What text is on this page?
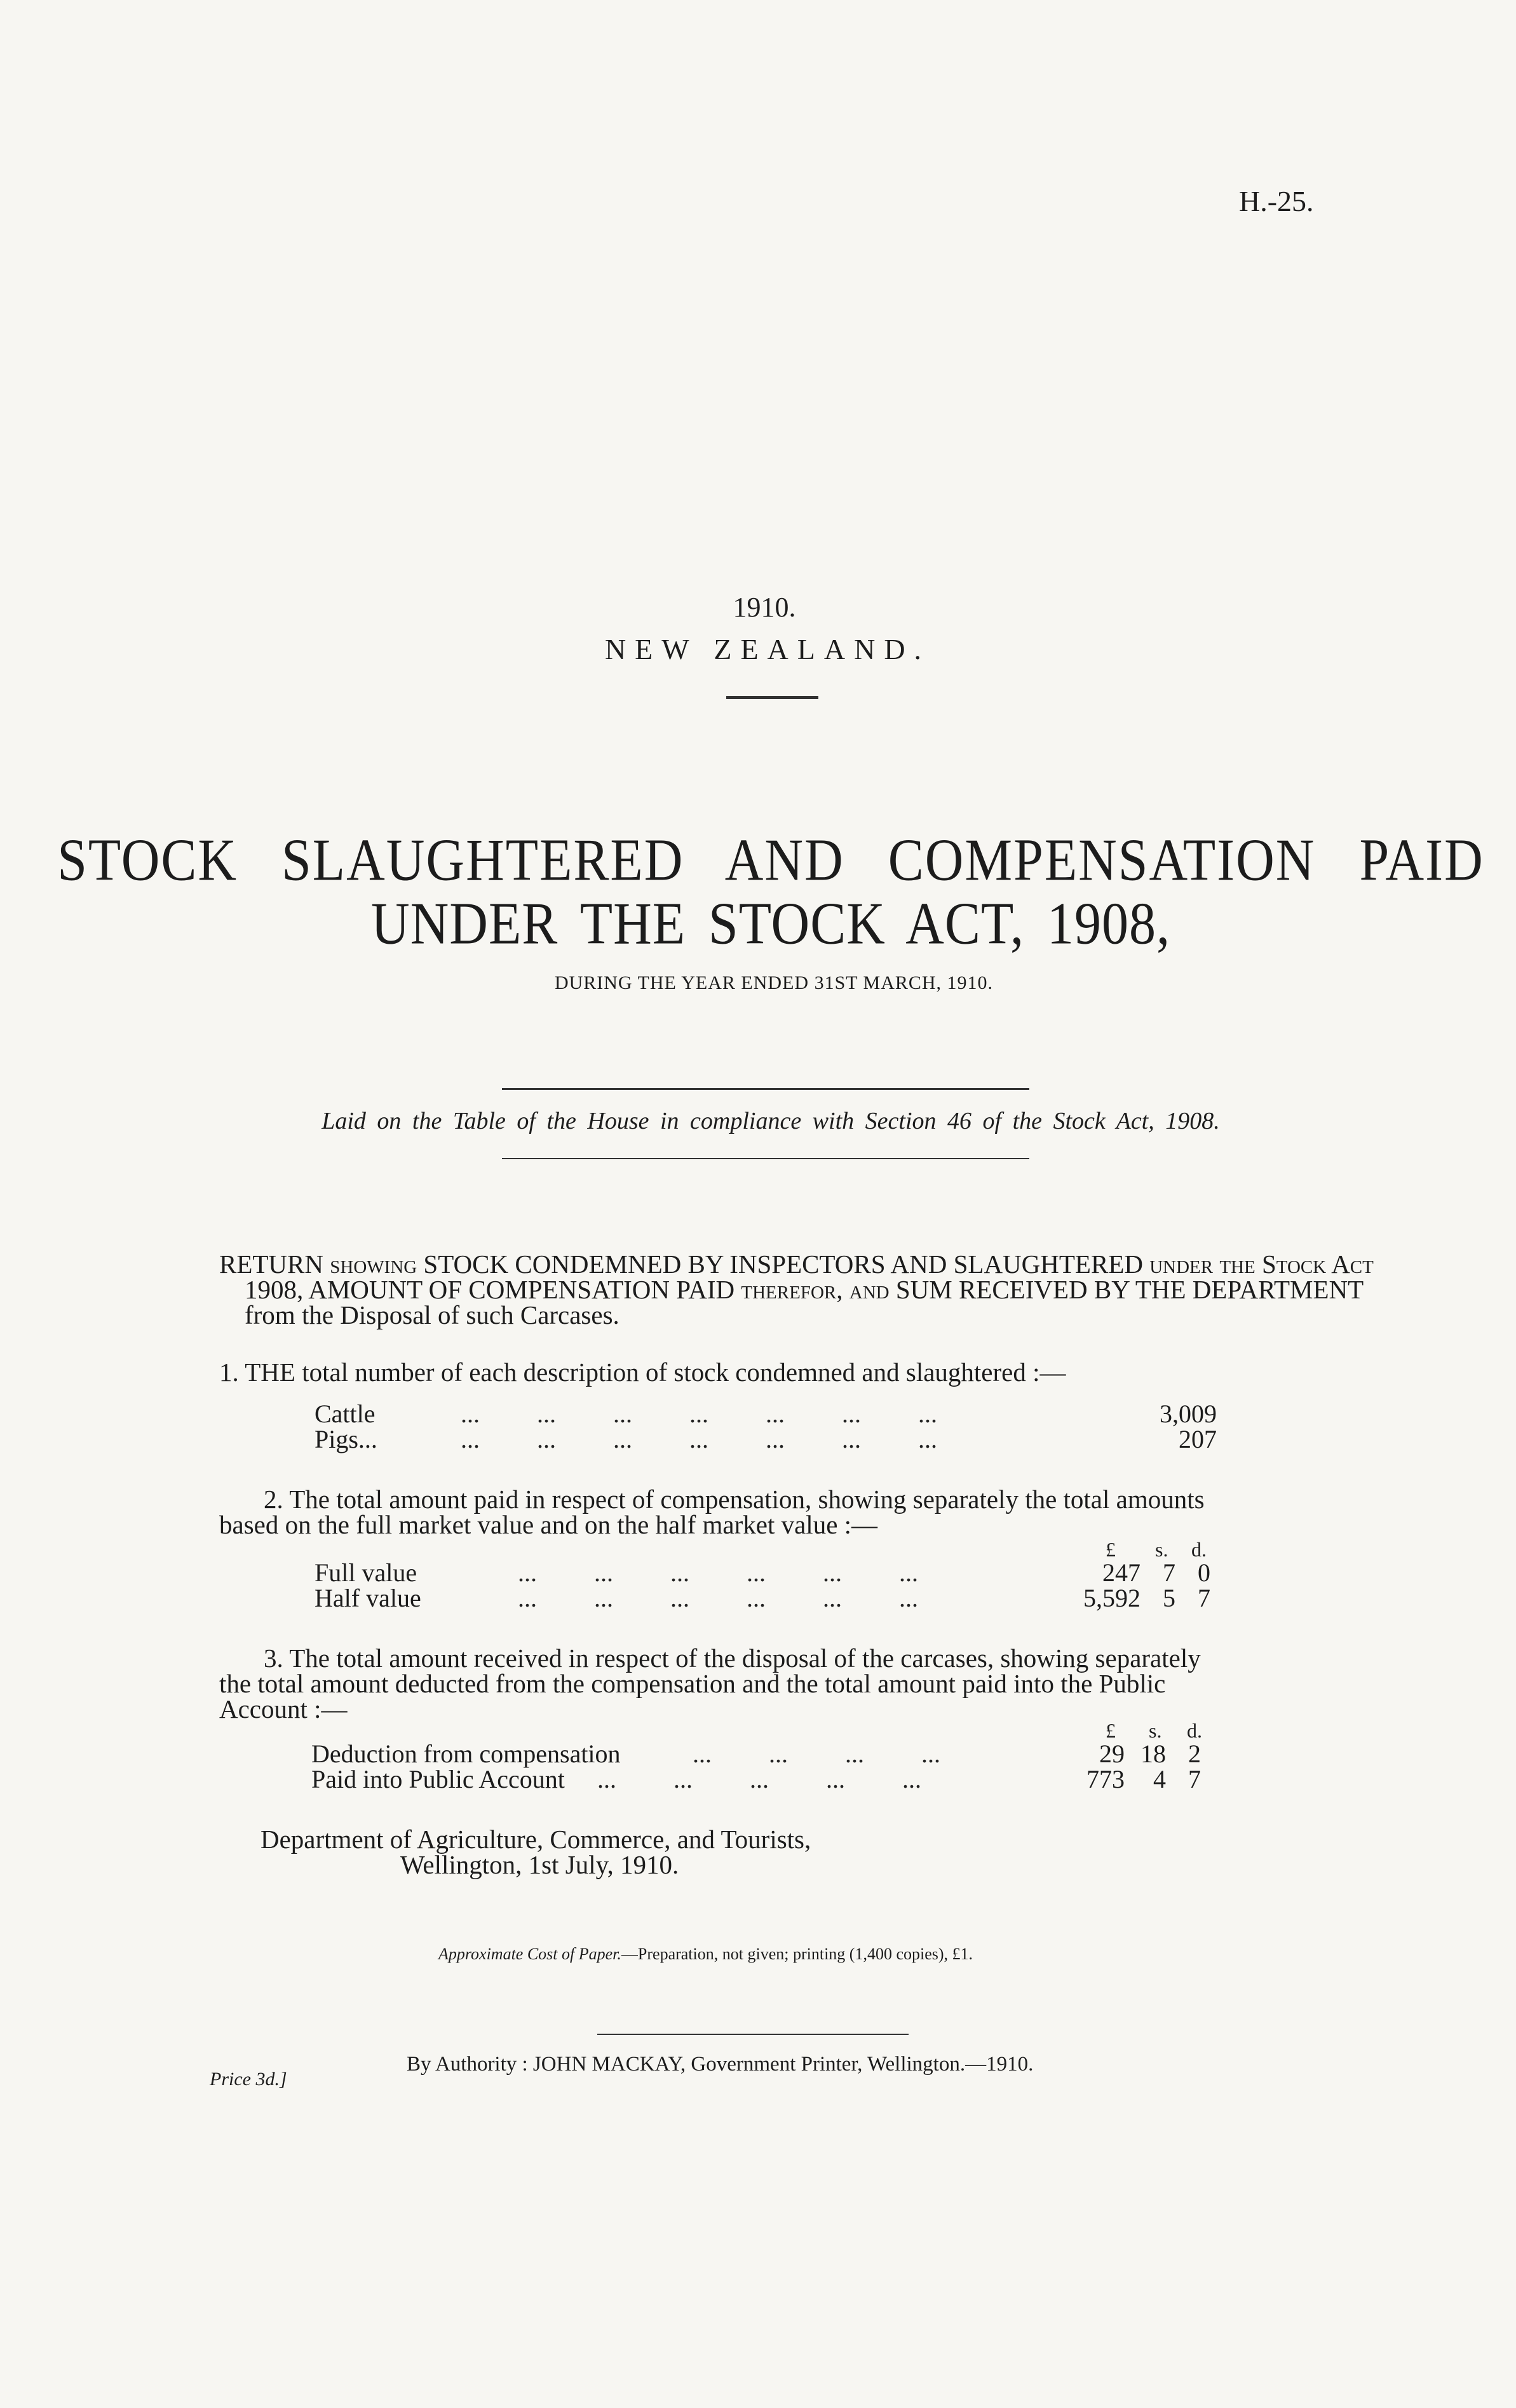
H.-25.
1910.
NEW ZEALAND.
STOCK SLAUGHTERED AND COMPENSATION PAID
UNDER THE STOCK ACT, 1908,
DURING THE YEAR ENDED 31ST MARCH, 1910.
Laid on the Table of the House in compliance with Section 46 of the Stock Act, 1908.
RETURN showing STOCK CONDEMNED BY INSPECTORS AND SLAUGHTERED under the Stock Act
1908, AMOUNT OF COMPENSATION PAID therefor, and SUM RECEIVED BY THE DEPARTMENT
from the Disposal of such Carcases.
1. THE total number of each description of stock condemned and slaughtered :—
Cattle	...         ...         ...         ...         ...         ...         ...	3,009
Pigs...	...         ...         ...         ...         ...         ...         ...	207
2. The total amount paid in respect of compensation, showing separately the total amounts
based on the full market value and on the half market value :—
£ s. d.
Full value	...         ...         ...         ...         ...         ...	247 7 0
Half value	...         ...         ...         ...         ...         ...	5,592 5 7
3. The total amount received in respect of the disposal of the carcases, showing separately
the total amount deducted from the compensation and the total amount paid into the Public
Account :—
£ s. d.
Deduction from compensation	...         ...         ...         ...	29 18 2
Paid into Public Account ...         ...         ...         ...         ...	773	4 7
Department of Agriculture, Commerce, and Tourists,
Wellington, 1st July, 1910.
Approximate Cost of Paper.—Preparation, not given; printing (1,400 copies), £1.
By Authority : JOHN MACKAY, Government Printer, Wellington.—1910.
Price 3d.]
